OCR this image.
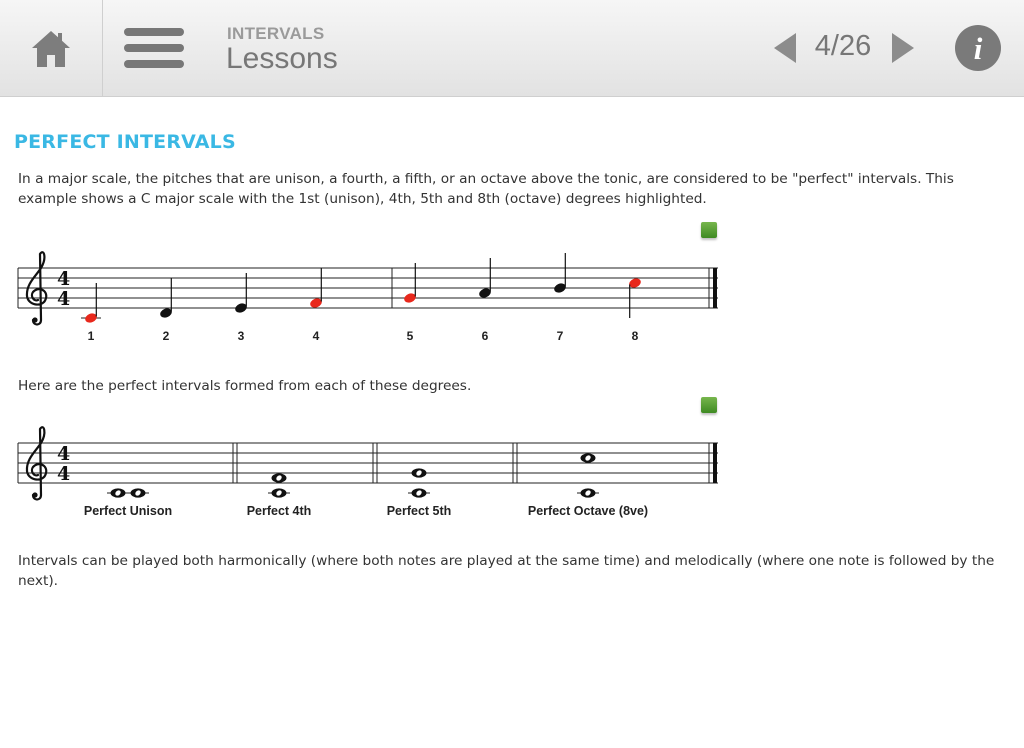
INTERVALS
Lessons	4/26	i
PERFECT INTERVALS
In a major scale, the pitches that are unison, a fourth, a fifth, or an octave above the tonic, are considered to be "perfect" intervals. This example shows a C major scale with the 1st (unison), 4th, 5th and 8th (octave) degrees highlighted.
4
4
1	2	3	4	5	6	7	8
Here are the perfect intervals formed from each of these degrees.
4
4
Perfect Unison	Perfect 4th	Perfect 5th	Perfect Octave (8ve)
Intervals can be played both harmonically (where both notes are played at the same time) and melodically (where one note is followed by the next).
